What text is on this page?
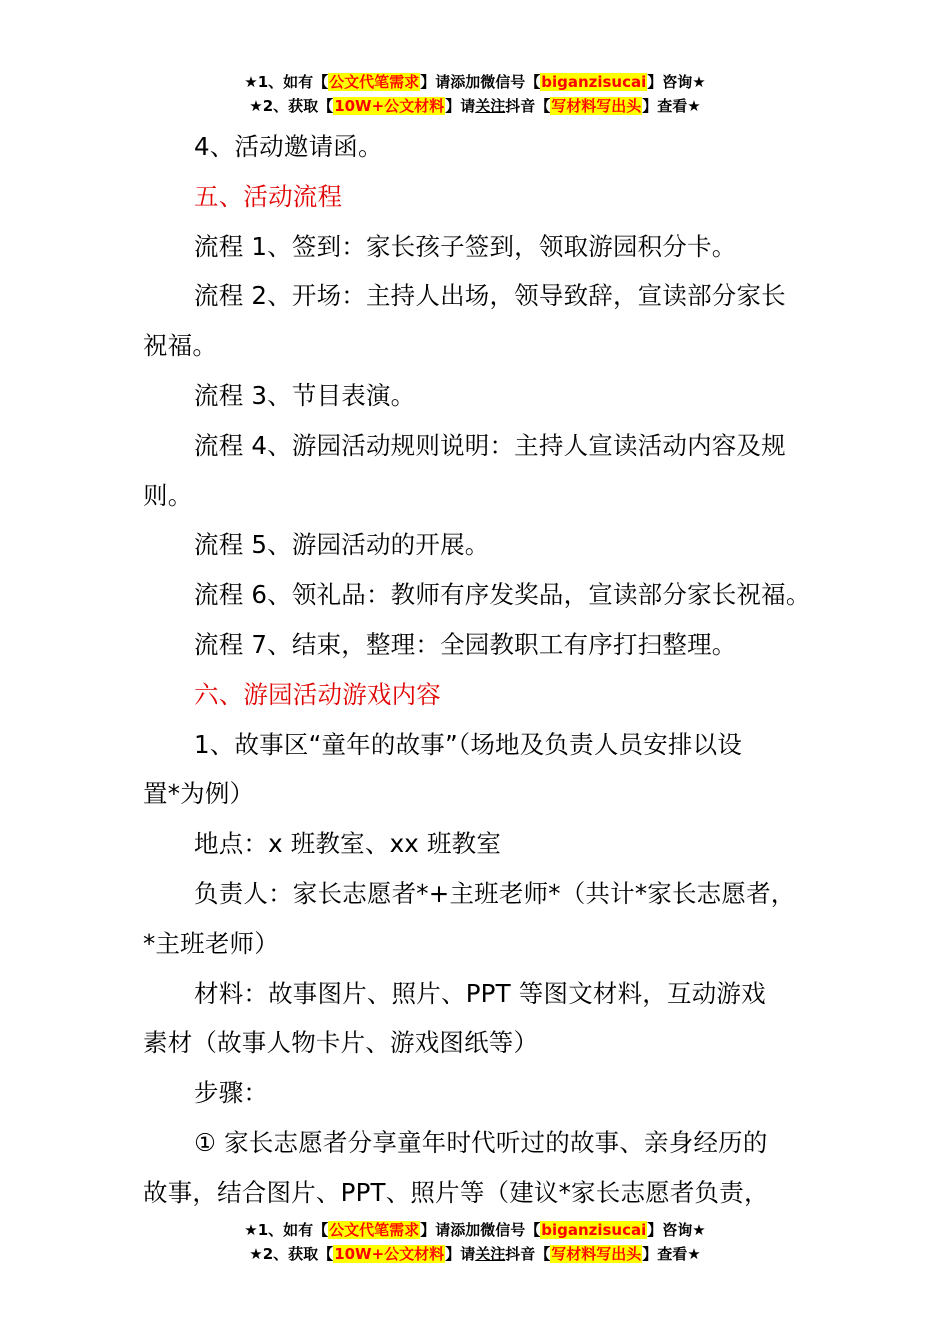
★1、如有【公文代笔需求】请添加微信号【biganzisucai】咨询★
★2、获取【10W+公文材料】请关注抖音【写材料写出头】查看★

4、活动邀请函。

五、活动流程

流程 1、签到：家长孩子签到，领取游园积分卡。

流程 2、开场：主持人出场，领导致辞，宣读部分家长

祝福。

流程 3、节目表演。

流程 4、游园活动规则说明：主持人宣读活动内容及规

则。

流程 5、游园活动的开展。

流程 6、领礼品：教师有序发奖品，宣读部分家长祝福。

流程 7、结束，整理：全园教职工有序打扫整理。

六、游园活动游戏内容

1、故事区“童年的故事”（场地及负责人员安排以设

置*为例）

地点：x 班教室、xx 班教室

负责人：家长志愿者*+主班老师*（共计*家长志愿者，

*主班老师）

材料：故事图片、照片、PPT 等图文材料，互动游戏

素材（故事人物卡片、游戏图纸等）

步骤：

① 家长志愿者分享童年时代听过的故事、亲身经历的

故事，结合图片、PPT、照片等（建议*家长志愿者负责，

★1、如有【公文代笔需求】请添加微信号【biganzisucai】咨询★
★2、获取【10W+公文材料】请关注抖音【写材料写出头】查看★
